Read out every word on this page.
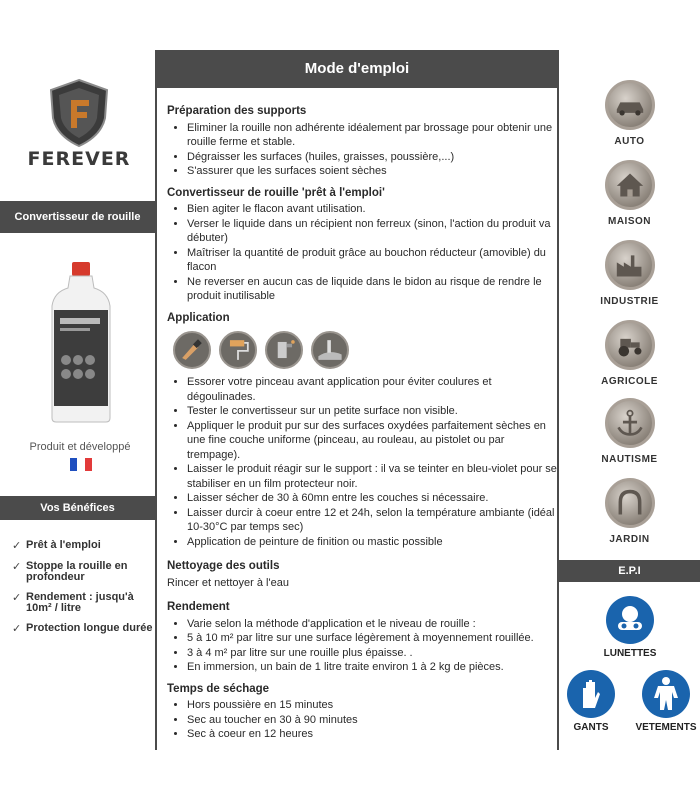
FEREVER
Convertisseur de rouille
Produit et développé
Vos Bénéfices
✓ Prêt à l'emploi
✓ Stoppe la rouille en profondeur
✓ Rendement : jusqu'à 10m² / litre
✓ Protection longue durée
Mode d'emploi
Préparation des supports
• Eliminer la rouille non adhérente idéalement par brossage pour obtenir une rouille ferme et stable.
• Dégraisser les surfaces (huiles, graisses, poussière,...)
• S'assurer que les surfaces soient sèches
Convertisseur de rouille 'prêt à l'emploi'
• Bien agiter le flacon avant utilisation.
• Verser le liquide dans un récipient non ferreux (sinon, l'action du produit va débuter)
• Maîtriser la quantité de produit grâce au bouchon réducteur (amovible) du flacon
• Ne reverser en aucun cas de liquide dans le bidon au risque de rendre le produit inutilisable
Application
• Essorer votre pinceau avant application pour éviter coulures et dégoulinades.
• Tester le convertisseur sur un petite surface non visible.
• Appliquer le produit pur sur des surfaces oxydées parfaitement sèches en une fine couche uniforme (pinceau, au rouleau, au pistolet ou par trempage).
• Laisser le produit réagir sur le support : il va se teinter en bleu-violet pour se stabiliser en un film protecteur noir.
• Laisser sécher de 30 à 60mn entre les couches si nécessaire.
• Laisser durcir à coeur entre 12 et 24h, selon la température ambiante (idéal 10-30°C par temps sec)
• Application de peinture de finition ou mastic possible
Nettoyage des outils
Rincer et nettoyer à l'eau
Rendement
• Varie selon la méthode d'application et le niveau de rouille :
• 5 à 10 m² par litre sur une surface légèrement à moyennement rouillée.
• 3 à 4 m² par litre sur une rouille plus épaisse. .
• En immersion, un bain de 1 litre traite environ 1 à 2 kg de pièces.
Temps de séchage
• Hors poussière en 15 minutes
• Sec au toucher en 30 à 90 minutes
• Sec à coeur en 12 heures
AUTO
MAISON
INDUSTRIE
AGRICOLE
NAUTISME
JARDIN
E.P.I
LUNETTES
GANTS	VETEMENTS
